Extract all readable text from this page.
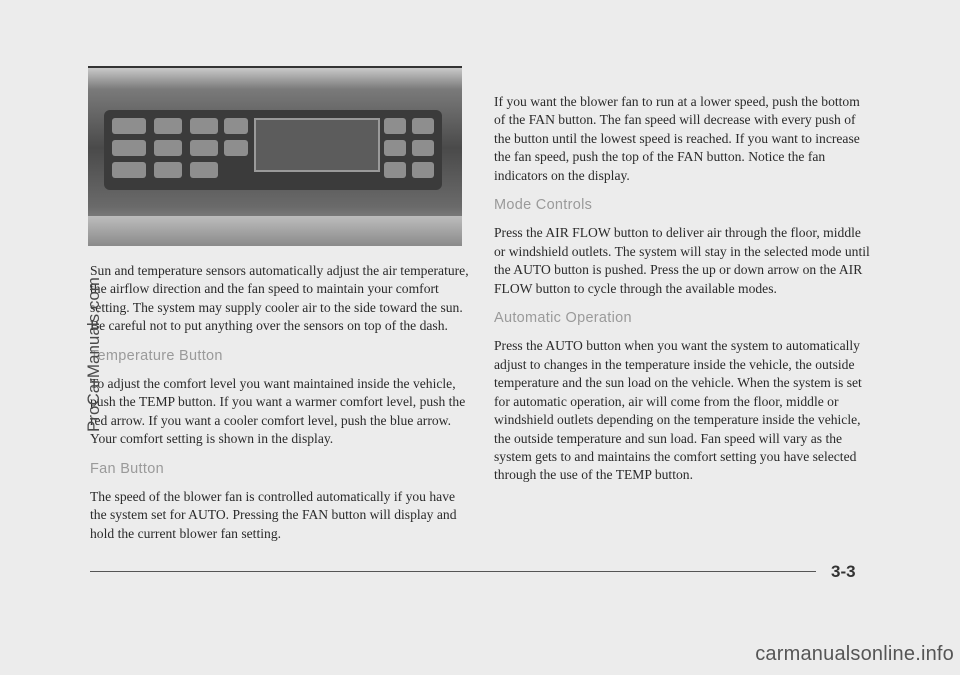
Sun and temperature sensors automatically adjust the air temperature, the airflow direction and the fan speed to maintain your comfort setting. The system may supply cooler air to the side toward the sun. Be careful not to put anything over the sensors on top of the dash.

Temperature Button

To adjust the comfort level you want maintained inside the vehicle, push the TEMP button. If you want a warmer comfort level, push the red arrow. If you want a cooler comfort level, push the blue arrow. Your comfort setting is shown in the display.

Fan Button

The speed of the blower fan is controlled automatically if you have the system set for AUTO. Pressing the FAN button will display and hold the current blower fan setting.

If you want the blower fan to run at a lower speed, push the bottom of the FAN button. The fan speed will decrease with every push of the button until the lowest speed is reached. If you want to increase the fan speed, push the top of the FAN button. Notice the fan indicators on the display.

Mode Controls

Press the AIR FLOW button to deliver air through the floor, middle or windshield outlets. The system will stay in the selected mode until the AUTO button is pushed. Press the up or down arrow on the AIR FLOW button to cycle through the available modes.

Automatic Operation

Press the AUTO button when you want the system to automatically adjust to changes in the temperature inside the vehicle, the outside temperature and the sun load on the vehicle. When the system is set for automatic operation, air will come from the floor, middle or windshield outlets depending on the temperature inside the vehicle, the outside temperature and sun load. Fan speed will vary as the system gets to and maintains the comfort setting you have selected through the use of the TEMP button.

3-3
ProCarManuals.com
carmanualsonline.info
